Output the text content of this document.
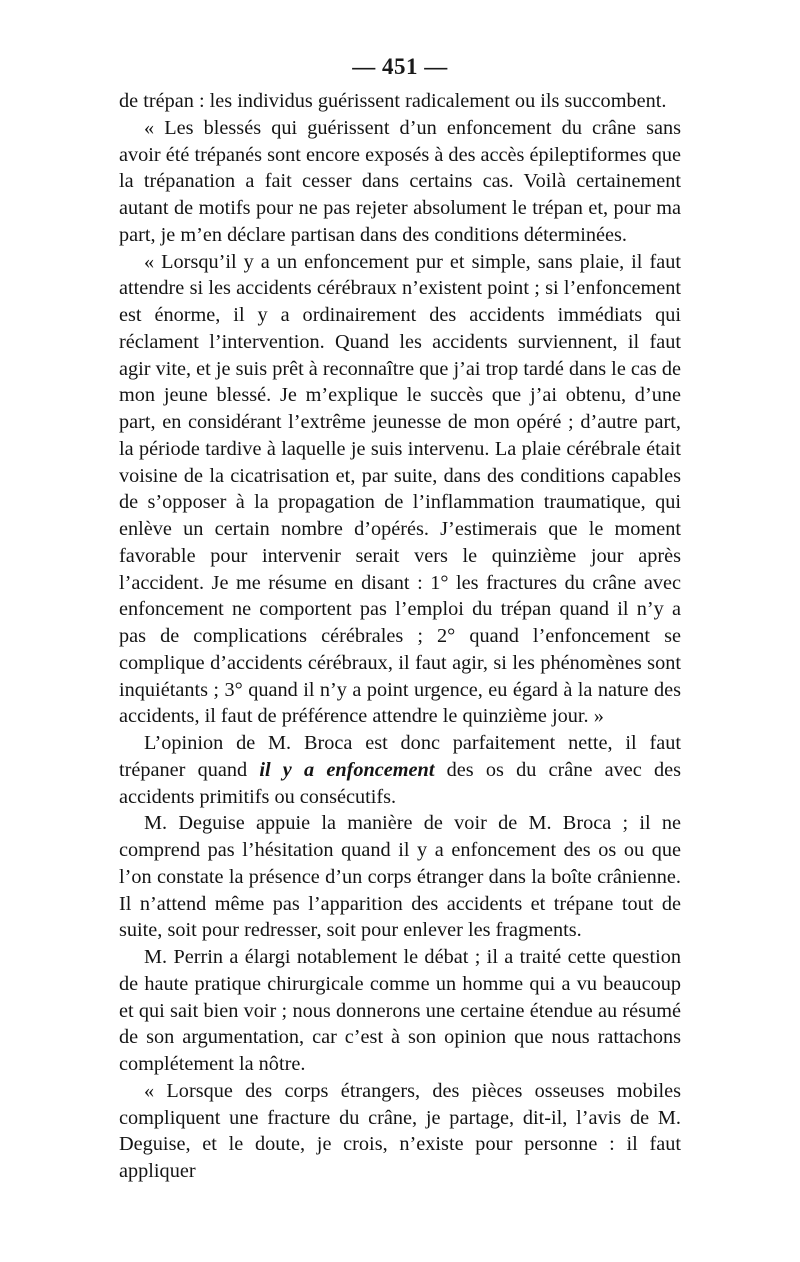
— 451 —

de trépan : les individus guérissent radicalement ou ils succombent.

« Les blessés qui guérissent d’un enfoncement du crâne sans avoir été trépanés sont encore exposés à des accès épileptiformes que la trépanation a fait cesser dans certains cas. Voilà certainement autant de motifs pour ne pas rejeter absolument le trépan et, pour ma part, je m’en déclare partisan dans des conditions déterminées.

« Lorsqu’il y a un enfoncement pur et simple, sans plaie, il faut attendre si les accidents cérébraux n’existent point ; si l’enfoncement est énorme, il y a ordinairement des accidents immédiats qui réclament l’intervention. Quand les accidents surviennent, il faut agir vite, et je suis prêt à reconnaître que j’ai trop tardé dans le cas de mon jeune blessé. Je m’explique le succès que j’ai obtenu, d’une part, en considérant l’extrême jeunesse de mon opéré ; d’autre part, la période tardive à laquelle je suis intervenu. La plaie cérébrale était voisine de la cicatrisation et, par suite, dans des conditions capables de s’opposer à la propagation de l’inflammation traumatique, qui enlève un certain nombre d’opérés. J’estimerais que le moment favorable pour intervenir serait vers le quinzième jour après l’accident. Je me résume en disant : 1° les fractures du crâne avec enfoncement ne comportent pas l’emploi du trépan quand il n’y a pas de complications cérébrales ; 2° quand l’enfoncement se complique d’accidents cérébraux, il faut agir, si les phénomènes sont inquiétants ; 3° quand il n’y a point urgence, eu égard à la nature des accidents, il faut de préférence attendre le quinzième jour. »

L’opinion de M. Broca est donc parfaitement nette, il faut trépaner quand il y a enfoncement des os du crâne avec des accidents primitifs ou consécutifs.

M. Deguise appuie la manière de voir de M. Broca ; il ne comprend pas l’hésitation quand il y a enfoncement des os ou que l’on constate la présence d’un corps étranger dans la boîte crânienne. Il n’attend même pas l’apparition des accidents et trépane tout de suite, soit pour redresser, soit pour enlever les fragments.

M. Perrin a élargi notablement le débat ; il a traité cette question de haute pratique chirurgicale comme un homme qui a vu beaucoup et qui sait bien voir ; nous donnerons une certaine étendue au résumé de son argumentation, car c’est à son opinion que nous rattachons complétement la nôtre.

« Lorsque des corps étrangers, des pièces osseuses mobiles compliquent une fracture du crâne, je partage, dit-il, l’avis de M. Deguise, et le doute, je crois, n’existe pour personne : il faut appliquer
